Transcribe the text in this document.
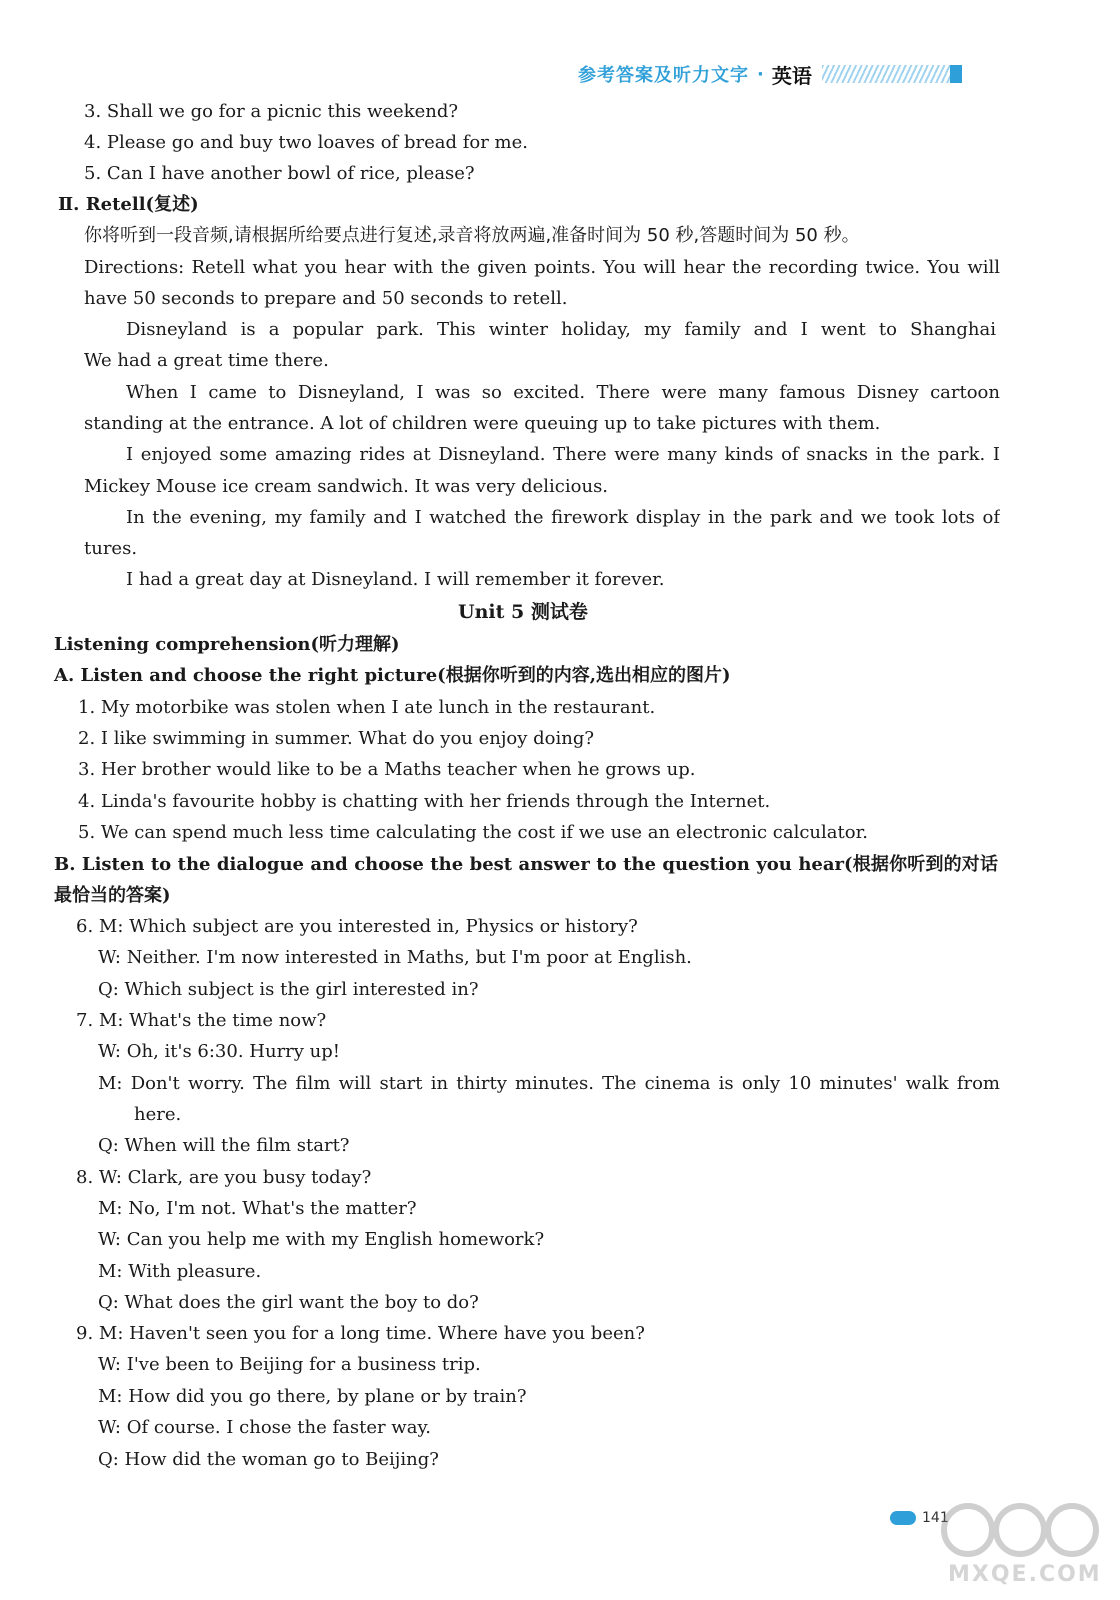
参考答案及听力文字 · 英语
3. Shall we go for a picnic this weekend?
4. Please go and buy two loaves of bread for me.
5. Can I have another bowl of rice, please?
Ⅱ. Retell(复述)
你将听到一段音频,请根据所给要点进行复述,录音将放两遍,准备时间为 50 秒,答题时间为 50 秒。
Directions: Retell what you hear with the given points. You will hear the recording twice. You will
have 50 seconds to prepare and 50 seconds to retell.
Disneyland is a popular park. This winter holiday, my family and I went to Shanghai
We had a great time there.
When I came to Disneyland, I was so excited. There were many famous Disney cartoon
standing at the entrance. A lot of children were queuing up to take pictures with them.
I enjoyed some amazing rides at Disneyland. There were many kinds of snacks in the park. I
Mickey Mouse ice cream sandwich. It was very delicious.
In the evening, my family and I watched the firework display in the park and we took lots of
tures.
I had a great day at Disneyland. I will remember it forever.
Unit 5 测试卷
Listening comprehension(听力理解)
A. Listen and choose the right picture(根据你听到的内容,选出相应的图片)
1. My motorbike was stolen when I ate lunch in the restaurant.
2. I like swimming in summer. What do you enjoy doing?
3. Her brother would like to be a Maths teacher when he grows up.
4. Linda's favourite hobby is chatting with her friends through the Internet.
5. We can spend much less time calculating the cost if we use an electronic calculator.
B. Listen to the dialogue and choose the best answer to the question you hear(根据你听到的对话
最恰当的答案)
6. M: Which subject are you interested in, Physics or history?
W: Neither. I'm now interested in Maths, but I'm poor at English.
Q: Which subject is the girl interested in?
7. M: What's the time now?
W: Oh, it's 6:30. Hurry up!
M: Don't worry. The film will start in thirty minutes. The cinema is only 10 minutes' walk from
here.
Q: When will the film start?
8. W: Clark, are you busy today?
M: No, I'm not. What's the matter?
W: Can you help me with my English homework?
M: With pleasure.
Q: What does the girl want the boy to do?
9. M: Haven't seen you for a long time. Where have you been?
W: I've been to Beijing for a business trip.
M: How did you go there, by plane or by train?
W: Of course. I chose the faster way.
Q: How did the woman go to Beijing?
141
MXQE.COM
